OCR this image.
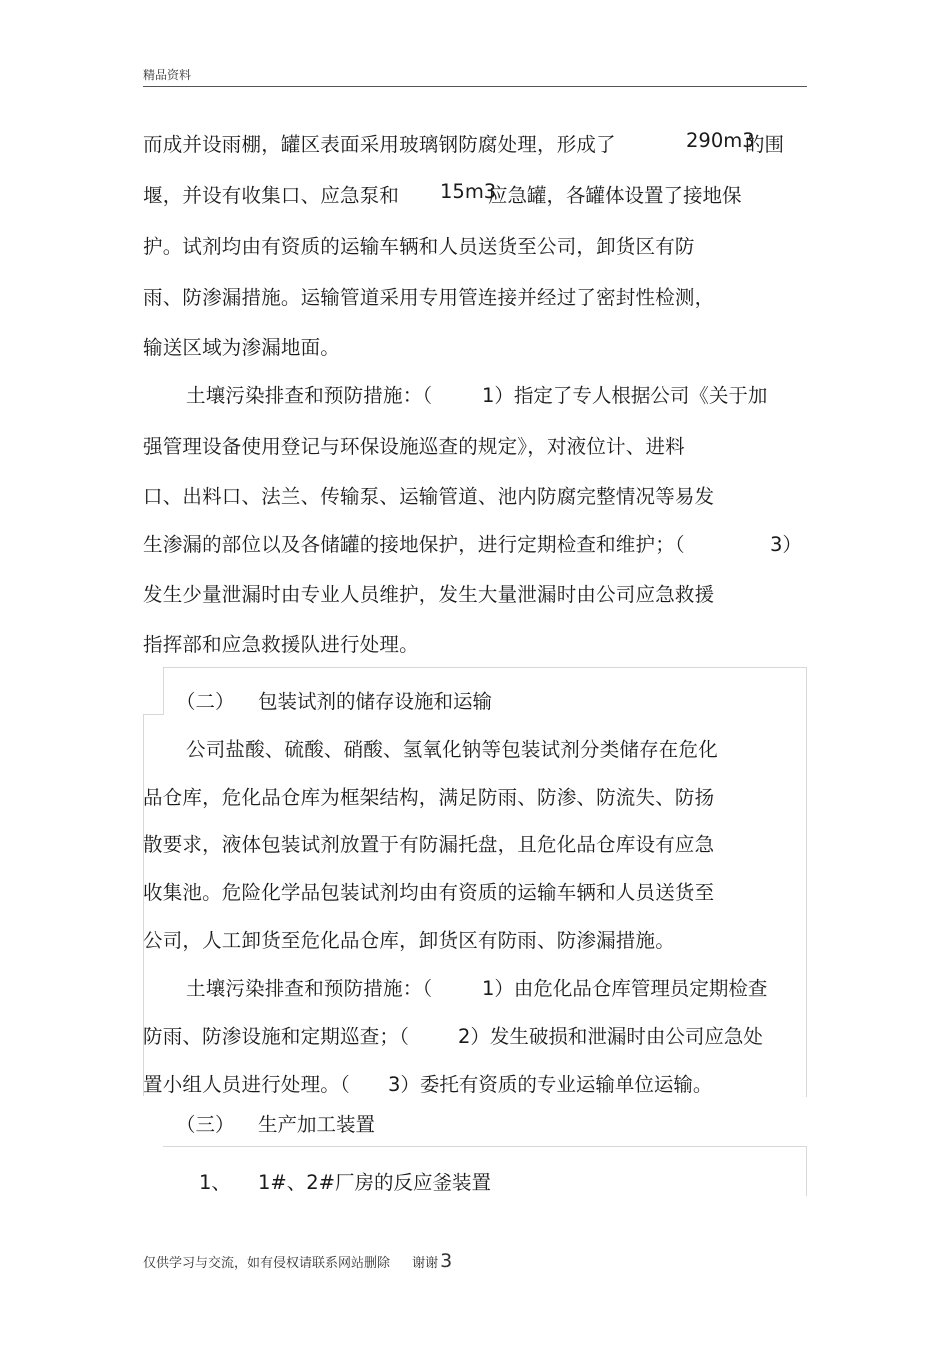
精品资料
而成并设雨棚，罐区表面采用玻璃钢防腐处理，形成了	290m3
的围
堰，并设有收集口、应急泵和 15m3
应急罐，各罐体设置了接地保
护。试剂均由有资质的运输车辆和人员送货至公司，卸货区有防
雨、防渗漏措施。运输管道采用专用管连接并经过了密封性检测，
输送区域为渗漏地面。
土壤污染排查和预防措施：（	1）指定了专人根据公司《关于加
强管理设备使用登记与环保设施巡查的规定》，对液位计、进料
口、出料口、法兰、传输泵、运输管道、池内防腐完整情况等易发
生渗漏的部位以及各储罐的接地保护，进行定期检查和维护；（	3）
发生少量泄漏时由专业人员维护，发生大量泄漏时由公司应急救援
指挥部和应急救援队进行处理。
（二） 包装试剂的储存设施和运输
公司盐酸、硫酸、硝酸、氢氧化钠等包装试剂分类储存在危化
品仓库，危化品仓库为框架结构，满足防雨、防渗、防流失、防扬
散要求，液体包装试剂放置于有防漏托盘，且危化品仓库设有应急
收集池。危险化学品包装试剂均由有资质的运输车辆和人员送货至
公司，人工卸货至危化品仓库，卸货区有防雨、防渗漏措施。
土壤污染排查和预防措施：（	1）由危化品仓库管理员定期检查
防雨、防渗设施和定期巡查；（	2）发生破损和泄漏时由公司应急处
置小组人员进行处理。（ 3）委托有资质的专业运输单位运输。
（三） 生产加工装置
1、 1#、2#厂房的反应釜装置
仅供学习与交流，如有侵权请联系网站删除 谢谢 3
